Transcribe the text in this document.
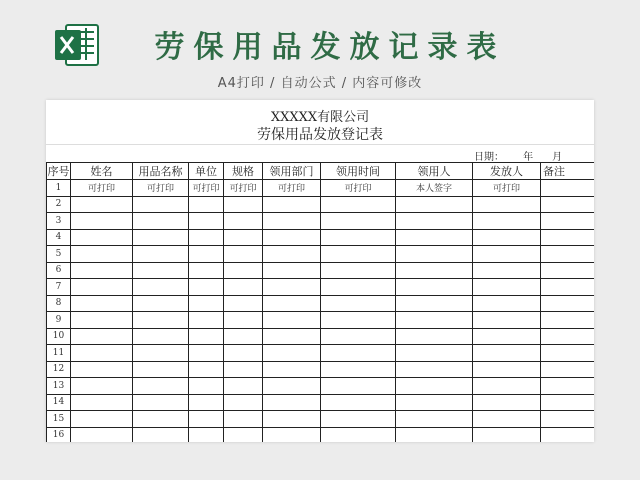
劳保用品发放记录表
A4打印 / 自动公式 / 内容可修改
XXXXX有限公司
劳保用品发放登记表
日期：      年      月
序号	姓名	用品名称	单位	规格	领用部门	领用时间	领用人	发放人	备注
1	可打印	可打印	可打印	可打印	可打印	可打印	本人签字	可打印	
2									
3									
4									
5									
6									
7									
8									
9									
10									
11									
12									
13									
14									
15									
16									
